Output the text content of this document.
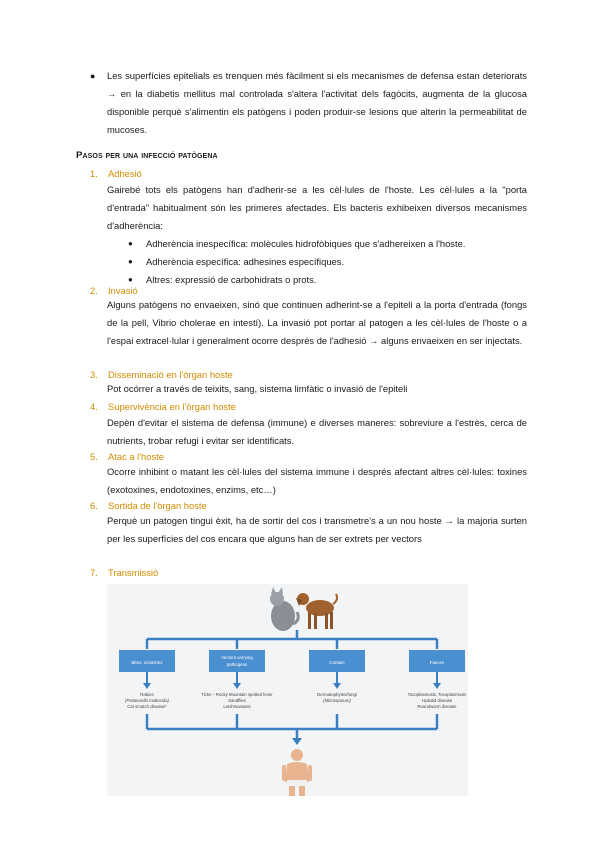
● Les superfícies epitelials es trenquen més fàcilment si els mecanismes de defensa estan deteriorats → en la diabetis mellitus mal controlada s'altera l'activitat dels fagòcits, augmenta de la glucosa disponible perquè s'alimentin els patògens i poden produir-se lesions que alterin la permeabilitat de mucoses.
Pasos per una infecció patògena
1. Adhesió
Gairebé tots els patògens han d'adherir-se a les cèl·lules de l'hoste. Les cèl·lules a la "porta d'entrada" habitualment són les primeres afectades. Els bacteris exhibeixen diversos mecanismes d'adherència:
● Adherència inespecífica: molècules hidrofòbiques que s'adhereixen a l'hoste.
● Adherència específica: adhesines específiques.
● Altres: expressió de carbohidrats o prots.
2. Invasió
Alguns patògens no envaeixen, sinó que continuen adherint-se a l'epiteli a la porta d'entrada (fongs de la pell, Vibrio cholerae en intestí). La invasió pot portar al patogen a les cèl·lules de l'hoste o a l'espai extracel·lular i generalment ocorre després de l'adhesió → alguns envaeixen en ser injectats.
3. Disseminació en l'òrgan hoste
Pot ocórrer a través de teixits, sang, sistema limfàtic o invasió de l'epiteli
4. Supervivència en l'òrgan hoste
Depèn d'evitar el sistema de defensa (immune) e diverses maneres: sobreviure a l'estrès, cerca de nutrients, trobar refugi i evitar ser identificats.
5. Atac a l'hoste
Ocorre inhibint o matant les cèl·lules del sistema immune i després afectant altres cèl·lules: toxines (exotoxines, endotoxines, enzims, etc…)
6. Sortida de l'òrgan hoste
Perquè un patogen tingui èxit, ha de sortir del cos i transmetre's a un nou hoste → la majoria surten per les superfícies del cos encara que alguns han de ser extrets per vectors
7. Transmissió
Bites, scratches
Vectors carrying
pathogens	Contact	Faeces
Rabies
(Pasteurella multocida)
Cat scratch disease*
Ticks – Rocky Mountain spotted fever
Sandflies
Leishmaniasis
Dermatophytes/fungi
(Microsporum)
Toxoplasmosis, Toxoplasmosis
Hydatid disease
Roundworm disease
